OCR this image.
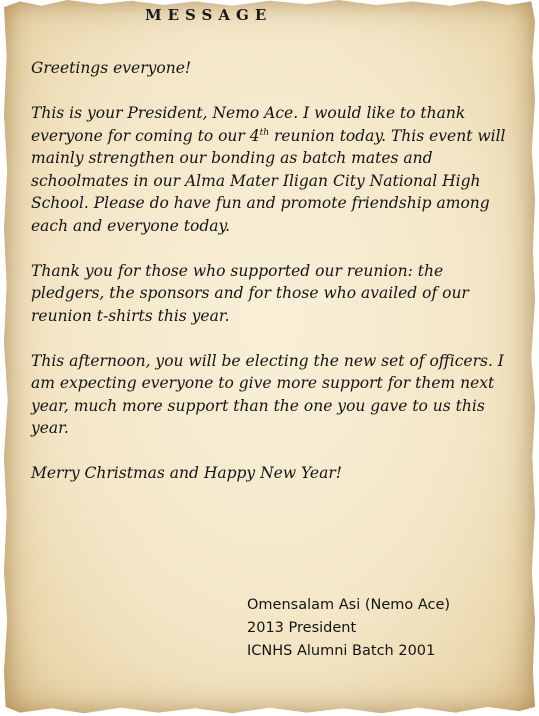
MESSAGE

Greetings everyone!

This is your President, Nemo Ace. I would like to thank everyone for coming to our 4th reunion today. This event will mainly strengthen our bonding as batch mates and schoolmates in our Alma Mater Iligan City National High School. Please do have fun and promote friendship among each and everyone today.

Thank you for those who supported our reunion: the pledgers, the sponsors and for those who availed of our reunion t-shirts this year.

This afternoon, you will be electing the new set of officers. I am expecting everyone to give more support for them next year, much more support than the one you gave to us this year.

Merry Christmas and Happy New Year!

Omensalam Asi (Nemo Ace)
2013 President
ICNHS Alumni Batch 2001
